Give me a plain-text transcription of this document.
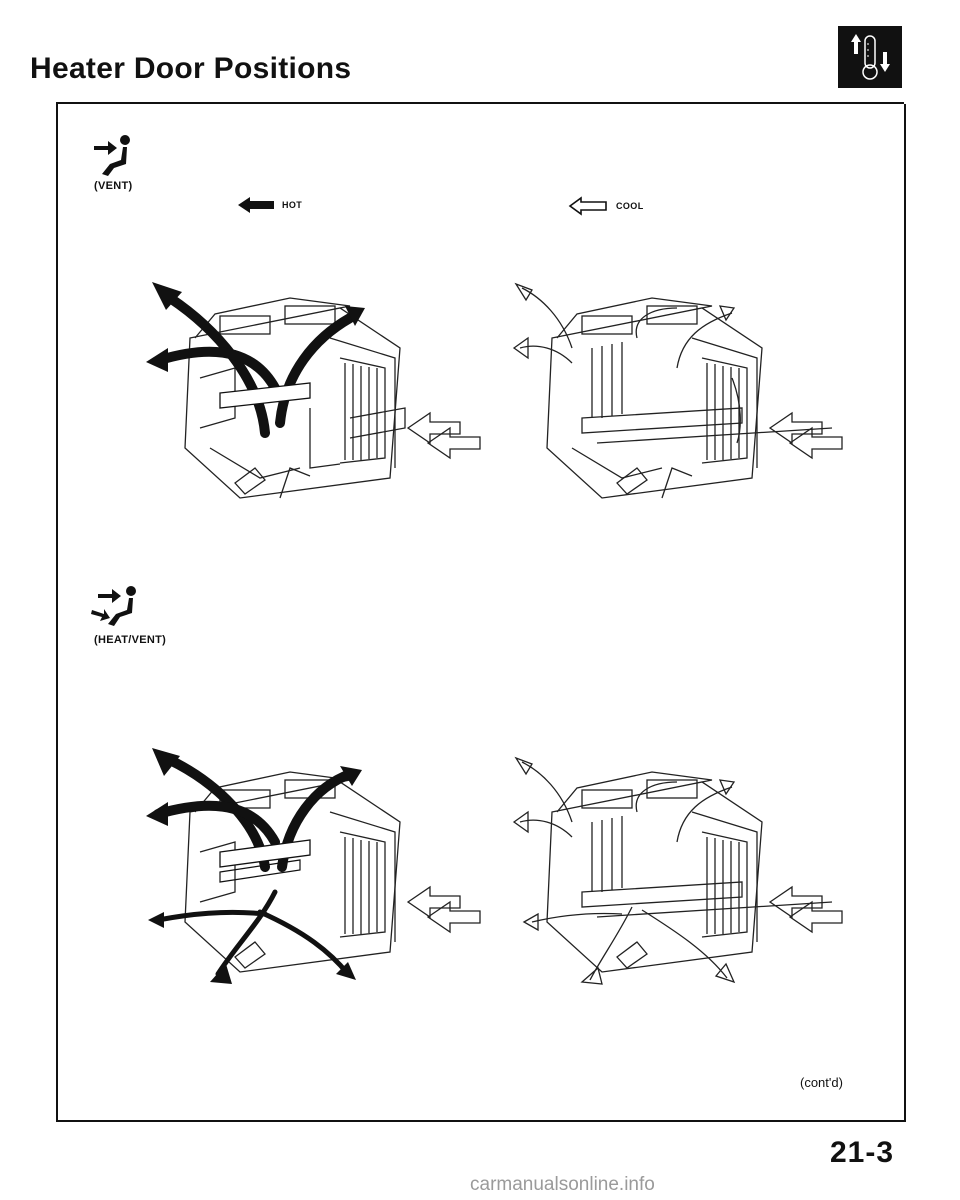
Heater Door Positions
(VENT)
HOT	COOL
(HEAT/VENT)
(cont'd)
21-3
carmanualsonline.info
